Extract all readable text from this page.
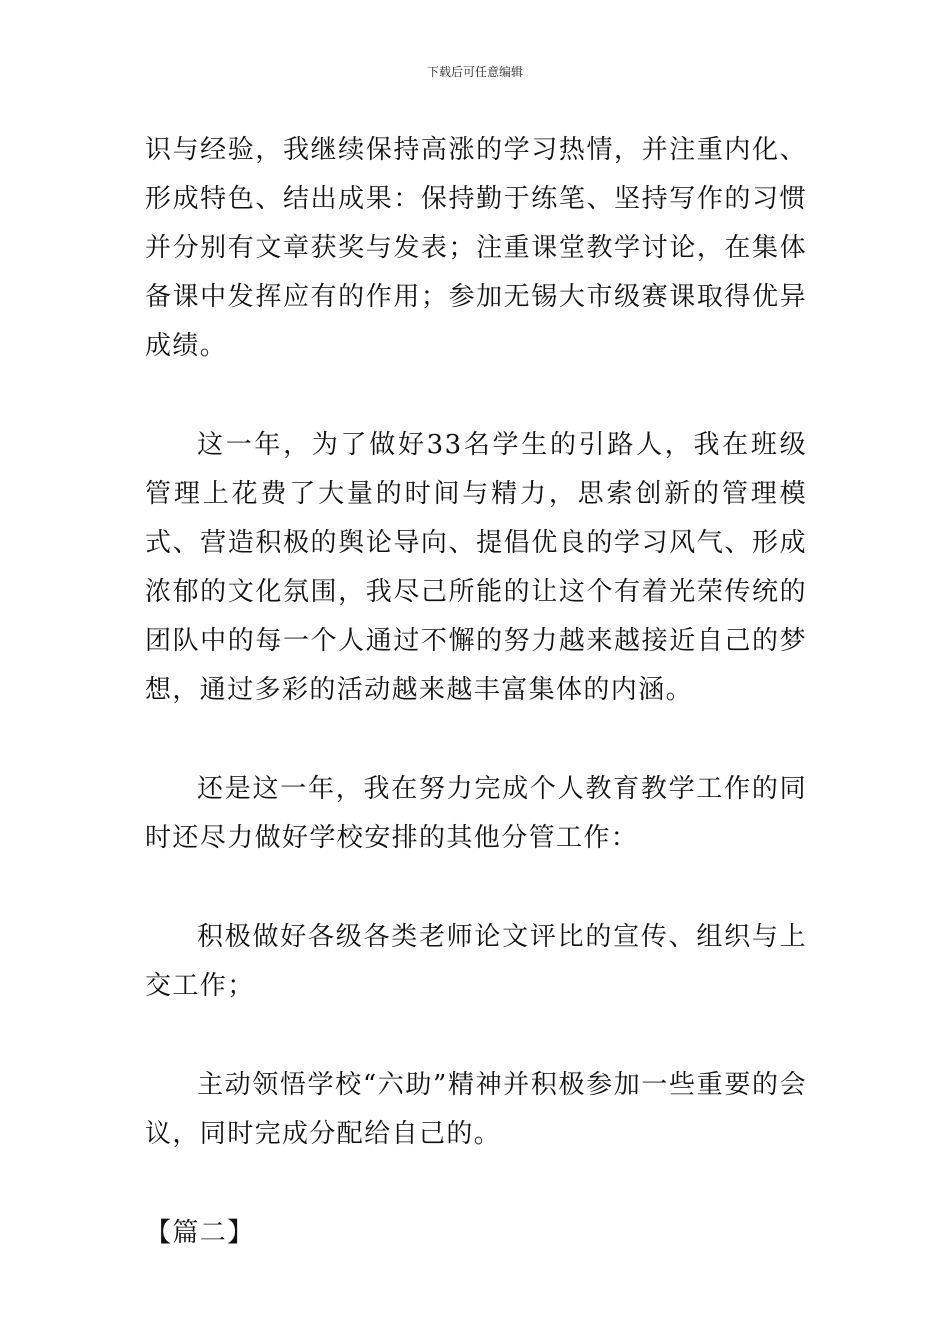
下载后可任意编辑

识与经验，我继续保持高涨的学习热情，并注重内化、形成特色、结出成果：保持勤于练笔、坚持写作的习惯并分别有文章获奖与发表；注重课堂教学讨论，在集体备课中发挥应有的作用；参加无锡大市级赛课取得优异成绩。

这一年，为了做好33名学生的引路人，我在班级管理上花费了大量的时间与精力，思索创新的管理模式、营造积极的舆论导向、提倡优良的学习风气、形成浓郁的文化氛围，我尽己所能的让这个有着光荣传统的团队中的每一个人通过不懈的努力越来越接近自己的梦想，通过多彩的活动越来越丰富集体的内涵。

还是这一年，我在努力完成个人教育教学工作的同时还尽力做好学校安排的其他分管工作：

积极做好各级各类老师论文评比的宣传、组织与上交工作；

主动领悟学校“六助”精神并积极参加一些重要的会议，同时完成分配给自己的。

【篇二】
